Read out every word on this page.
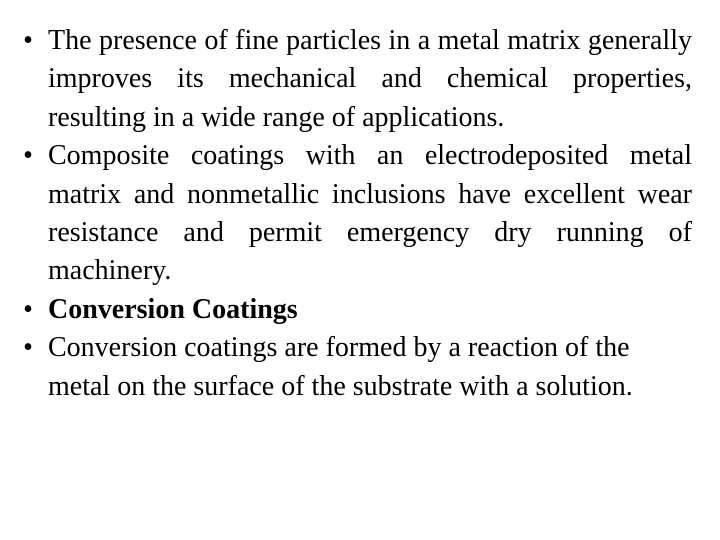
• The presence of fine particles in a metal matrix generally improves its mechanical and chemical properties, resulting in a wide range of applications.
• Composite coatings with an electrodeposited metal matrix and nonmetallic inclusions have excellent wear resistance and permit emergency dry running of machinery.
• Conversion Coatings
• Conversion coatings are formed by a reaction of the metal on the surface of the substrate with a solution.
